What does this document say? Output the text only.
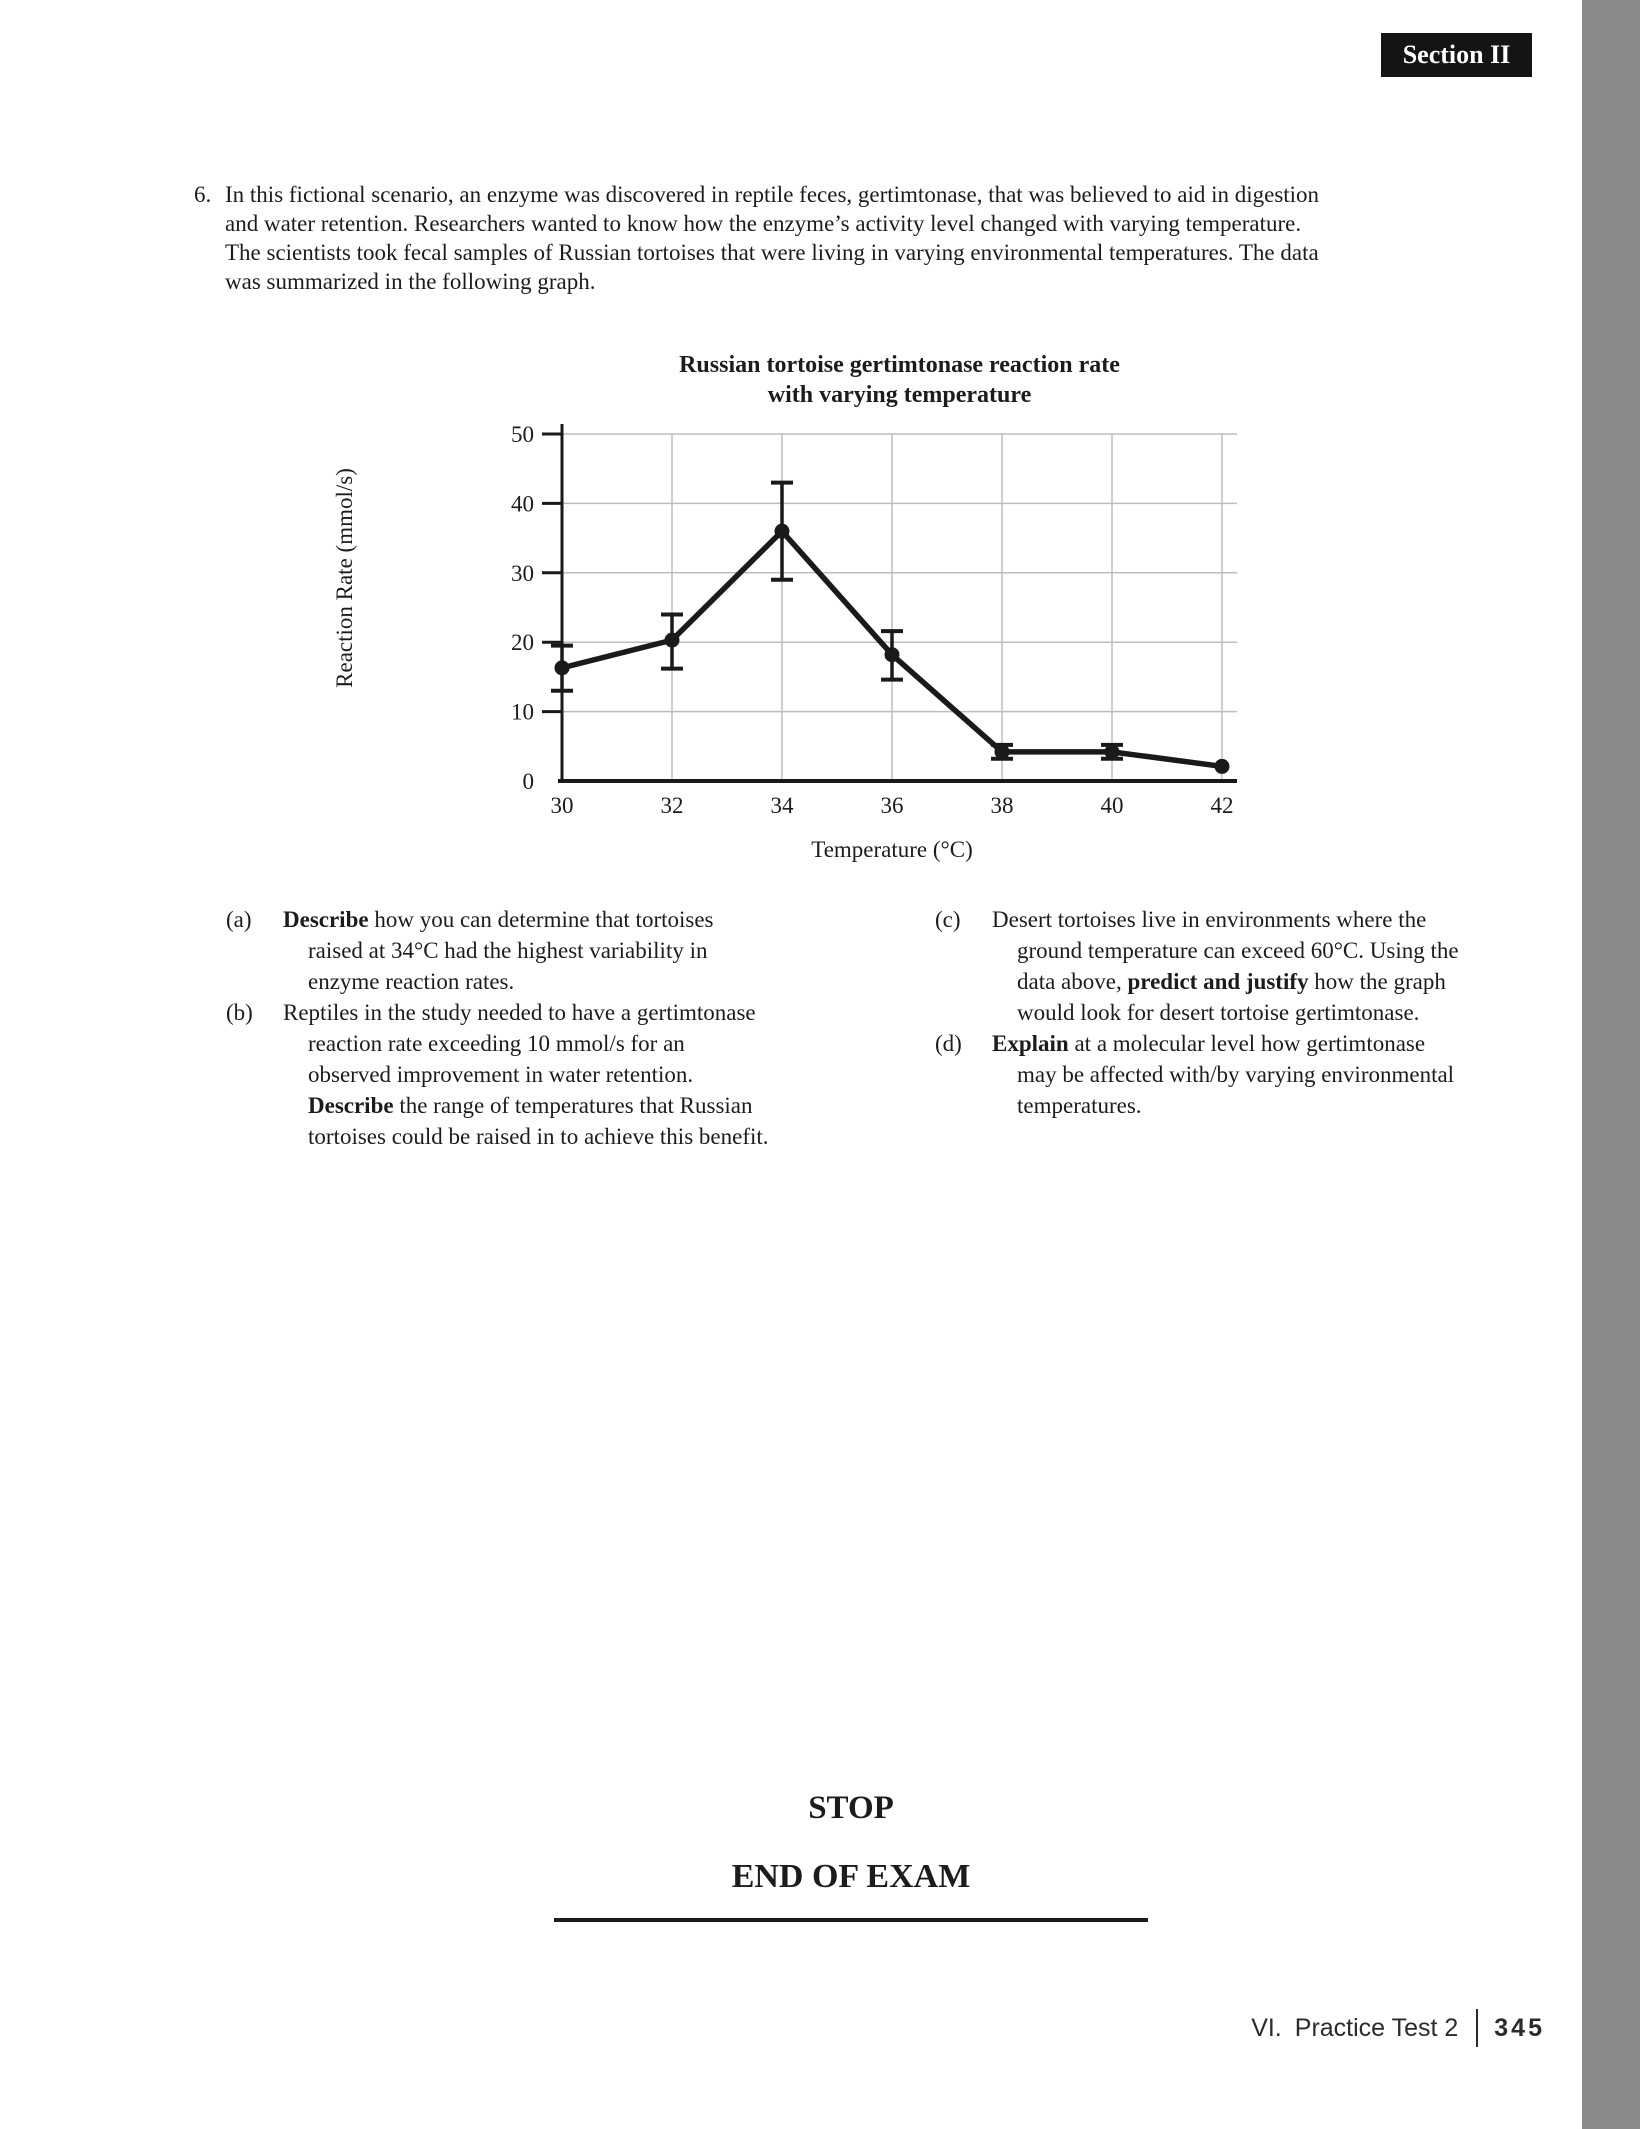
Section II
6. In this fictional scenario, an enzyme was discovered in reptile feces, gertimtonase, that was believed to aid in digestion
and water retention. Researchers wanted to know how the enzyme’s activity level changed with varying temperature.
The scientists took fecal samples of Russian tortoises that were living in varying environmental temperatures. The data
was summarized in the following graph.
Russian tortoise gertimtonase reaction rate
with varying temperature
0
10
20
30
40
50
30	32	34	36	38	40	42
Temperature (°C)
Reaction Rate (mmol/s)
(a) Describe how you can determine that tortoises
raised at 34°C had the highest variability in
enzyme reaction rates.
(b) Reptiles in the study needed to have a gertimtonase
reaction rate exceeding 10 mmol/s for an
observed improvement in water retention.
Describe the range of temperatures that Russian
tortoises could be raised in to achieve this benefit.
(c) Desert tortoises live in environments where the
ground temperature can exceed 60°C. Using the
data above, predict and justify how the graph
would look for desert tortoise gertimtonase.
(d) Explain at a molecular level how gertimtonase
may be affected with/by varying environmental
temperatures.
STOP
END OF EXAM
VI. Practice Test 2 345
